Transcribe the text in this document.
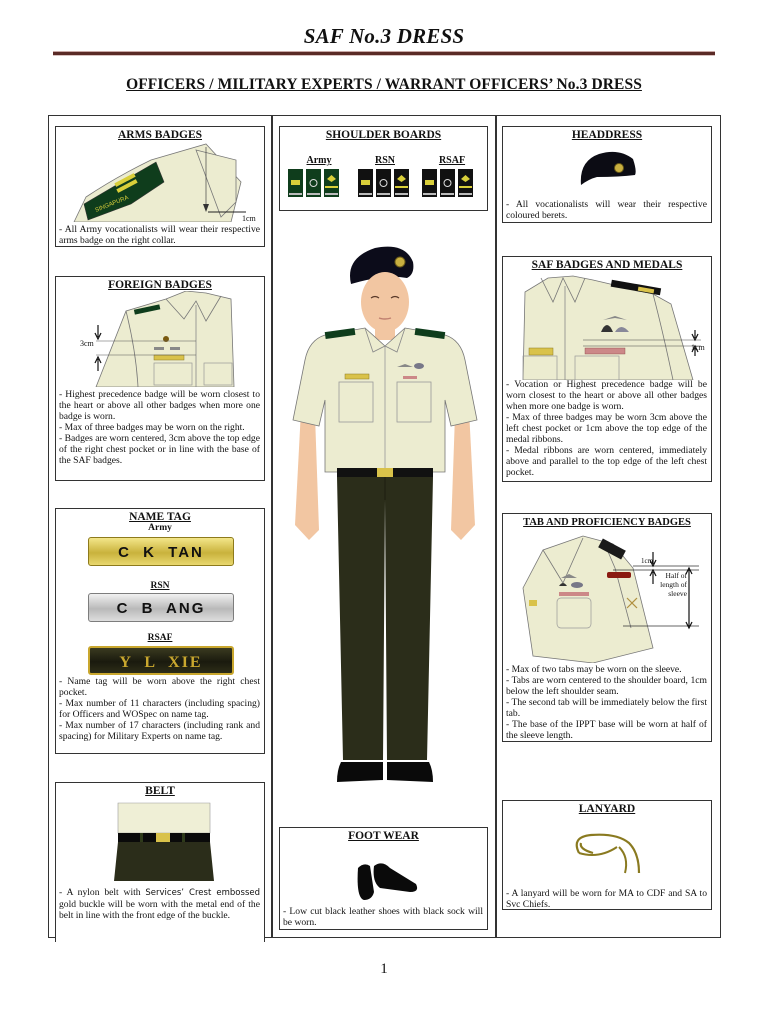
SAF No.3 DRESS
OFFICERS / MILITARY EXPERTS / WARRANT OFFICERS’ No.3 DRESS
ARMS BADGES
SINGAPURA
1cm

- All Army vocationalists will wear their respective arms badge on the right collar.

SHOULDER BOARDS
Army	RSN	RSAF
HEADDRESS

- All vocationalists will wear their respective coloured berets.

FOREIGN BADGES
3cm

- Highest precedence badge will be worn closest to the heart or above all other badges when more one badge is worn.

- Max of three badges may be worn on the right.

- Badges are worn centered, 3cm above the top edge of the right chest pocket or in line with the base of the SAF badges.

SAF BADGES AND MEDALS
1cm

- Vocation or Highest precedence badge will be worn closest to the heart or above all other badges when more one badge is worn.

- Max of three badges may be worn 3cm above the left chest pocket or 1cm above the top edge of the medal ribbons.

- Medal ribbons are worn centered, immediately above and parallel to the top edge of the left chest pocket.

NAME TAG
Army
C K TAN
RSN
C B ANG
RSAF
Y L XIE

- Name tag will be worn above the right chest pocket.

- Max number of 11 characters (including spacing) for Officers and WOSpec on name tag.

- Max number of 17 characters (including rank and spacing) for Military Experts on name tag.

TAB AND PROFICIENCY BADGES
1cm
Half of length of sleeve

- Max of two tabs may be worn on the sleeve.

- Tabs are worn centered to the shoulder board, 1cm below the left shoulder seam.

- The second tab will be immediately below the first tab.

- The base of the IPPT base will be worn at half of the sleeve length.

BELT

- A nylon belt with Services’ Crest embossed gold buckle will be worn with the metal end of the belt in line with the front edge of the buckle.

FOOT WEAR

- Low cut black leather shoes with black sock will be worn.

LANYARD

- A lanyard will be worn for MA to CDF and SA to Svc Chiefs.

1
